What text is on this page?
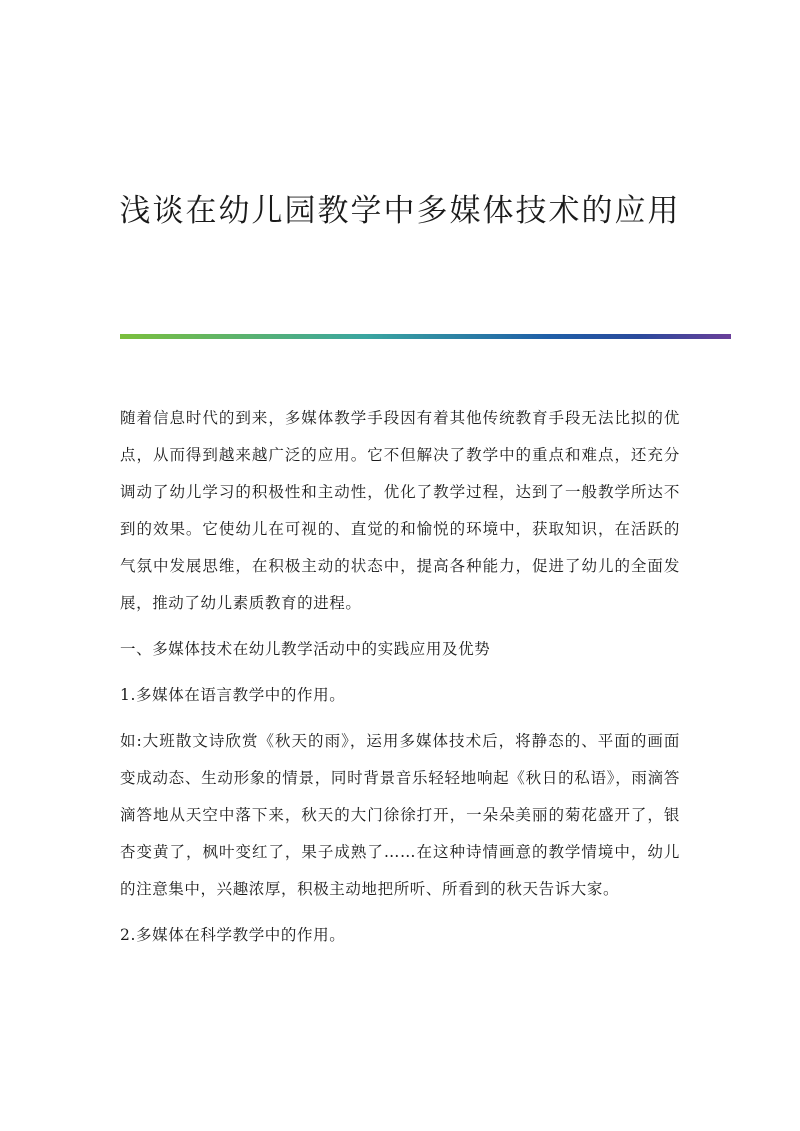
浅谈在幼儿园教学中多媒体技术的应用

随着信息时代的到来，多媒体教学手段因有着其他传统教育手段无法比拟的优点，从而得到越来越广泛的应用。它不但解决了教学中的重点和难点，还充分调动了幼儿学习的积极性和主动性，优化了教学过程，达到了一般教学所达不到的效果。它使幼儿在可视的、直觉的和愉悦的环境中，获取知识，在活跃的气氛中发展思维，在积极主动的状态中，提高各种能力，促进了幼儿的全面发展，推动了幼儿素质教育的进程。

一、多媒体技术在幼儿教学活动中的实践应用及优势

1.多媒体在语言教学中的作用。

如:大班散文诗欣赏《秋天的雨》，运用多媒体技术后，将静态的、平面的画面变成动态、生动形象的情景，同时背景音乐轻轻地响起《秋日的私语》，雨滴答滴答地从天空中落下来，秋天的大门徐徐打开，一朵朵美丽的菊花盛开了，银杏变黄了，枫叶变红了，果子成熟了……在这种诗情画意的教学情境中，幼儿的注意集中，兴趣浓厚，积极主动地把所听、所看到的秋天告诉大家。

2.多媒体在科学教学中的作用。
